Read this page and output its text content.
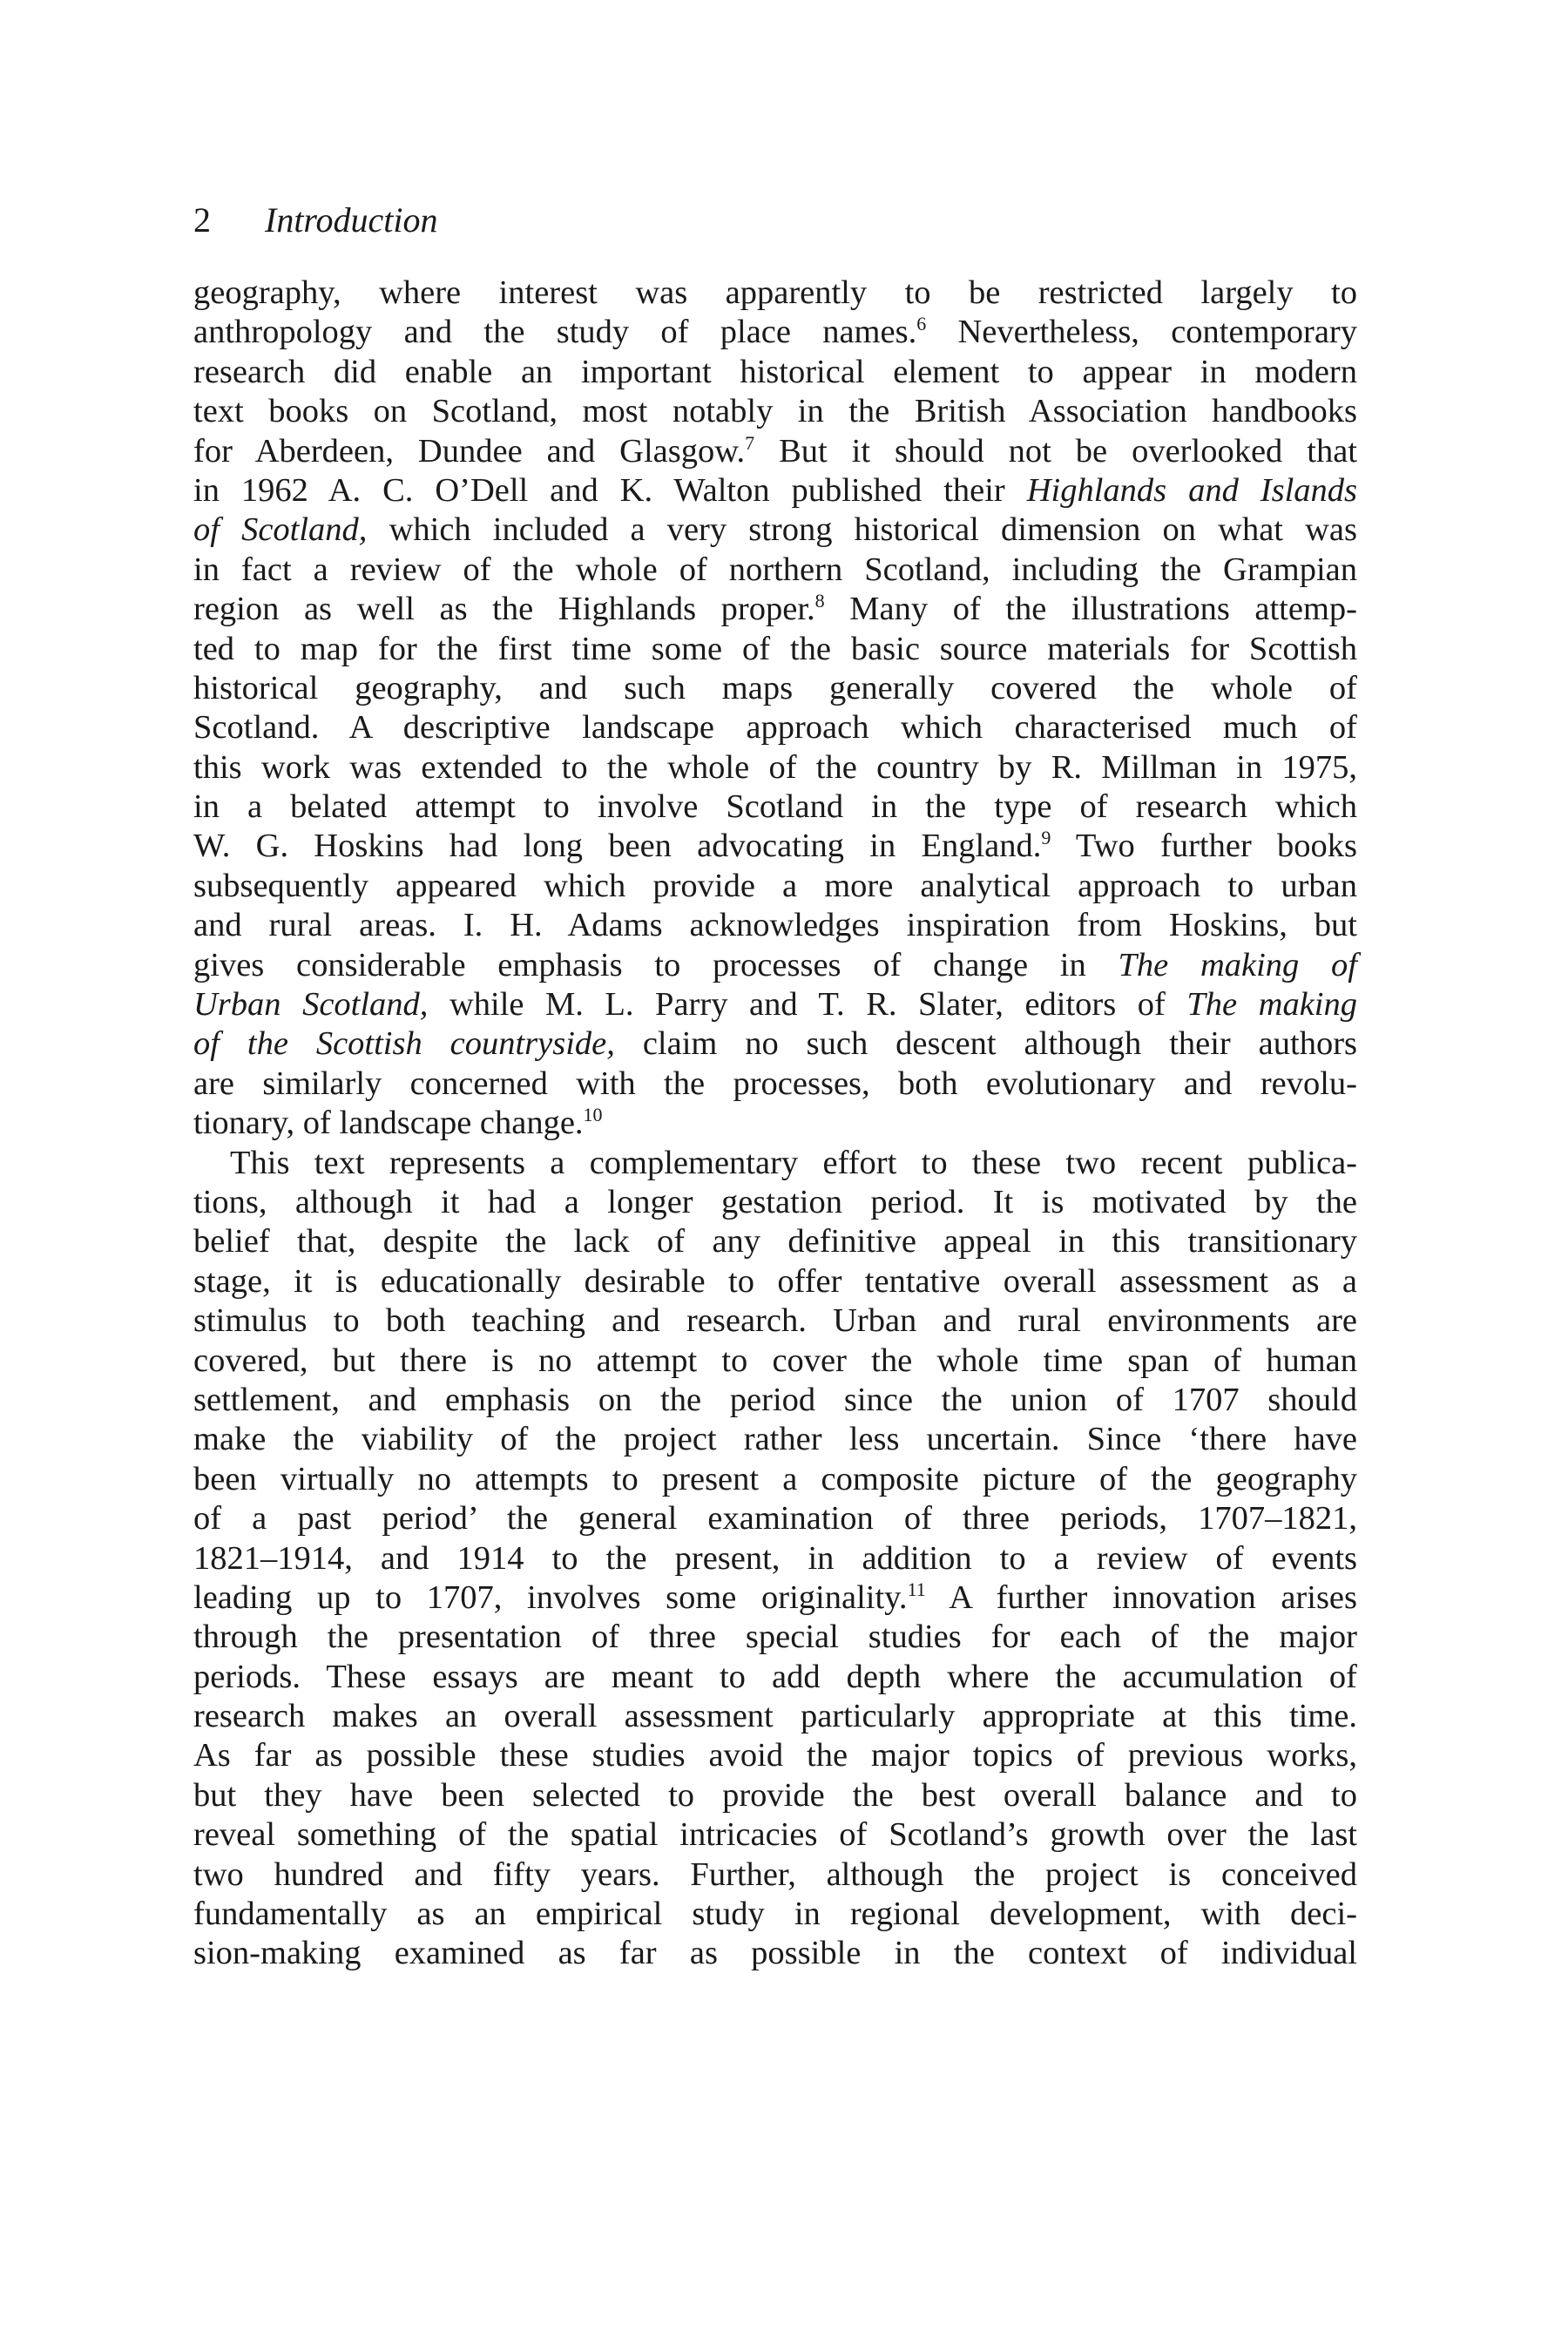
2 Introduction
geography, where interest was apparently to be restricted largely to
anthropology and the study of place names.$^6$ Nevertheless, contemporary
research did enable an important historical element to appear in modern
text books on Scotland, most notably in the British Association handbooks
for Aberdeen, Dundee and Glasgow.$^7$ But it should not be overlooked that
in 1962 A. C. O’Dell and K. Walton published their Highlands and Islands
of Scotland, which included a very strong historical dimension on what was
in fact a review of the whole of northern Scotland, including the Grampian
region as well as the Highlands proper.$^8$ Many of the illustrations attemp-
ted to map for the first time some of the basic source materials for Scottish
historical geography, and such maps generally covered the whole of
Scotland. A descriptive landscape approach which characterised much of
this work was extended to the whole of the country by R. Millman in 1975,
in a belated attempt to involve Scotland in the type of research which
W. G. Hoskins had long been advocating in England.$^9$ Two further books
subsequently appeared which provide a more analytical approach to urban
and rural areas. I. H. Adams acknowledges inspiration from Hoskins, but
gives considerable emphasis to processes of change in The making of
Urban Scotland, while M. L. Parry and T. R. Slater, editors of The making
of the Scottish countryside, claim no such descent although their authors
are similarly concerned with the processes, both evolutionary and revolu-
tionary, of landscape change.$^{10}$
This text represents a complementary effort to these two recent publica-
tions, although it had a longer gestation period. It is motivated by the
belief that, despite the lack of any definitive appeal in this transitionary
stage, it is educationally desirable to offer tentative overall assessment as a
stimulus to both teaching and research. Urban and rural environments are
covered, but there is no attempt to cover the whole time span of human
settlement, and emphasis on the period since the union of 1707 should
make the viability of the project rather less uncertain. Since ‘there have
been virtually no attempts to present a composite picture of the geography
of a past period’ the general examination of three periods, 1707–1821,
1821–1914, and 1914 to the present, in addition to a review of events
leading up to 1707, involves some originality.$^{11}$ A further innovation arises
through the presentation of three special studies for each of the major
periods. These essays are meant to add depth where the accumulation of
research makes an overall assessment particularly appropriate at this time.
As far as possible these studies avoid the major topics of previous works,
but they have been selected to provide the best overall balance and to
reveal something of the spatial intricacies of Scotland’s growth over the last
two hundred and fifty years. Further, although the project is conceived
fundamentally as an empirical study in regional development, with deci-
sion-making examined as far as possible in the context of individual
